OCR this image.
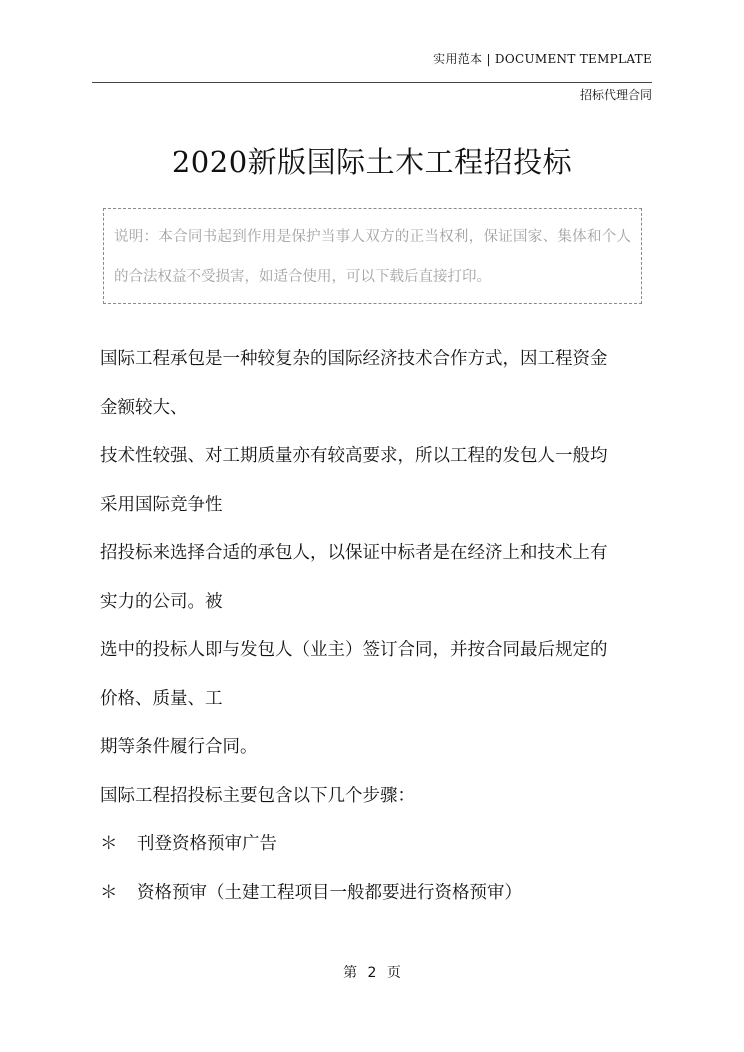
实用范本 | DOCUMENT TEMPLATE
招标代理合同
2020新版国际土木工程招投标
说明：本合同书起到作用是保护当事人双方的正当权利，保证国家、集体和个人的合法权益不受损害，如适合使用，可以下载后直接打印。

国际工程承包是一种较复杂的国际经济技术合作方式，因工程资金

金额较大、

技术性较强、对工期质量亦有较高要求，所以工程的发包人一般均

采用国际竞争性

招投标来选择合适的承包人，以保证中标者是在经济上和技术上有

实力的公司。被

选中的投标人即与发包人（业主）签订合同，并按合同最后规定的

价格、质量、工

期等条件履行合同。

国际工程招投标主要包含以下几个步骤：

＊	刊登资格预审广告
＊	资格预审（土建工程项目一般都要进行资格预审）
第 2 页
